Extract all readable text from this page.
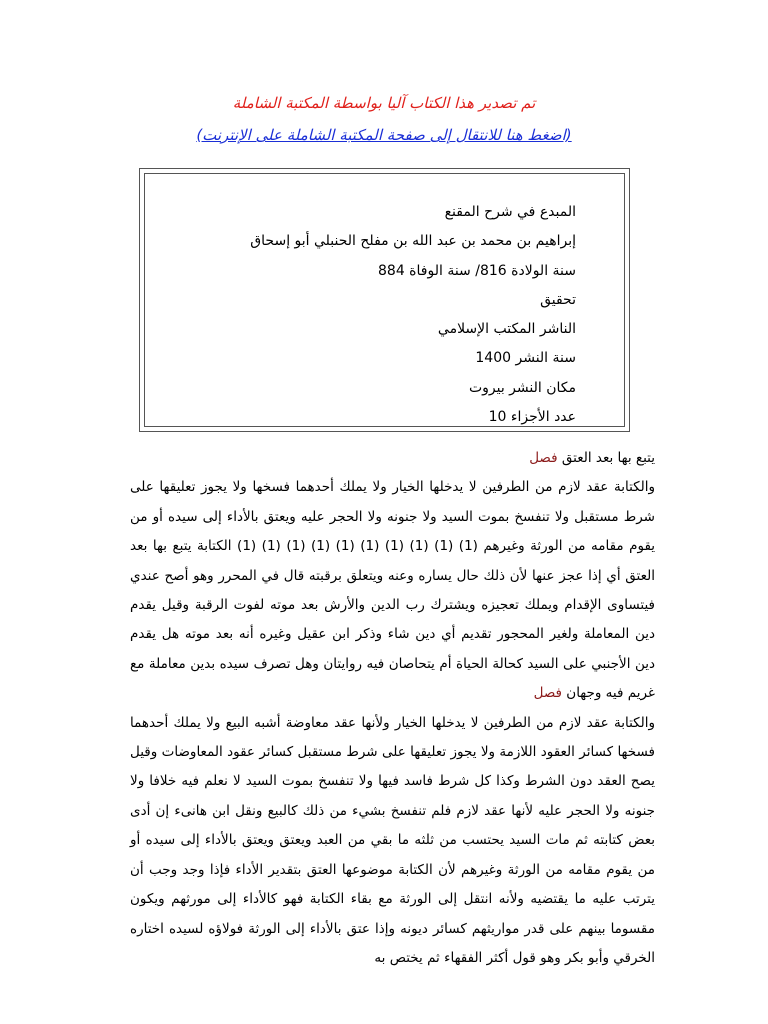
تم تصدير هذا الكتاب آليا بواسطة المكتبة الشاملة
(اضغط هنا للانتقال إلى صفحة المكتبة الشاملة على الإنترنت)
المبدع في شرح المقنع
إبراهيم بن محمد بن عبد الله بن مفلح الحنبلي أبو إسحاق
سنة الولادة 816/ سنة الوفاة 884
تحقيق
الناشر المكتب الإسلامي
سنة النشر 1400
مكان النشر بيروت
عدد الأجزاء 10

يتبع بها بعد العتق فصل

والكتابة عقد لازم من الطرفين لا يدخلها الخيار ولا يملك أحدهما فسخها ولا يجوز تعليقها على شرط مستقبل ولا تنفسخ بموت السيد ولا جنونه ولا الحجر عليه ويعتق بالأداء إلى سيده أو من يقوم مقامه من الورثة وغيرهم (1) (1) (1) (1) (1) (1) (1) (1) (1) (1) الكتابة يتبع بها بعد العتق أي إذا عجز عنها لأن ذلك حال يساره وعنه ويتعلق برقبته قال في المحرر وهو أصح عندي فيتساوى الإقدام ويملك تعجيزه ويشترك رب الدين والأرش بعد موته لفوت الرقبة وقيل يقدم دين المعاملة ولغير المحجور تقديم أي دين شاء وذكر ابن عقيل وغيره أنه بعد موته هل يقدم دين الأجنبي على السيد كحالة الحياة أم يتحاصان فيه روايتان وهل تصرف سيده بدين معاملة مع غريم فيه وجهان فصل

والكتابة عقد لازم من الطرفين لا يدخلها الخيار ولأنها عقد معاوضة أشبه البيع ولا يملك أحدهما فسخها كسائر العقود اللازمة ولا يجوز تعليقها على شرط مستقبل كسائر عقود المعاوضات وقيل يصح العقد دون الشرط وكذا كل شرط فاسد فيها ولا تنفسخ بموت السيد لا نعلم فيه خلافا ولا جنونه ولا الحجر عليه لأنها عقد لازم فلم تنفسخ بشيء من ذلك كالبيع ونقل ابن هانىء إن أدى بعض كتابته ثم مات السيد يحتسب من ثلثه ما بقي من العبد ويعتق ويعتق بالأداء إلى سيده أو من يقوم مقامه من الورثة وغيرهم لأن الكتابة موضوعها العتق بتقدير الأداء فإذا وجد وجب أن يترتب عليه ما يقتضيه ولأنه انتقل إلى الورثة مع بقاء الكتابة فهو كالأداء إلى مورثهم ويكون مقسوما بينهم على قدر مواريثهم كسائر ديونه وإذا عتق بالأداء إلى الورثة فولاؤه لسيده اختاره الخرقي وأبو بكر وهو قول أكثر الفقهاء ثم يختص به
